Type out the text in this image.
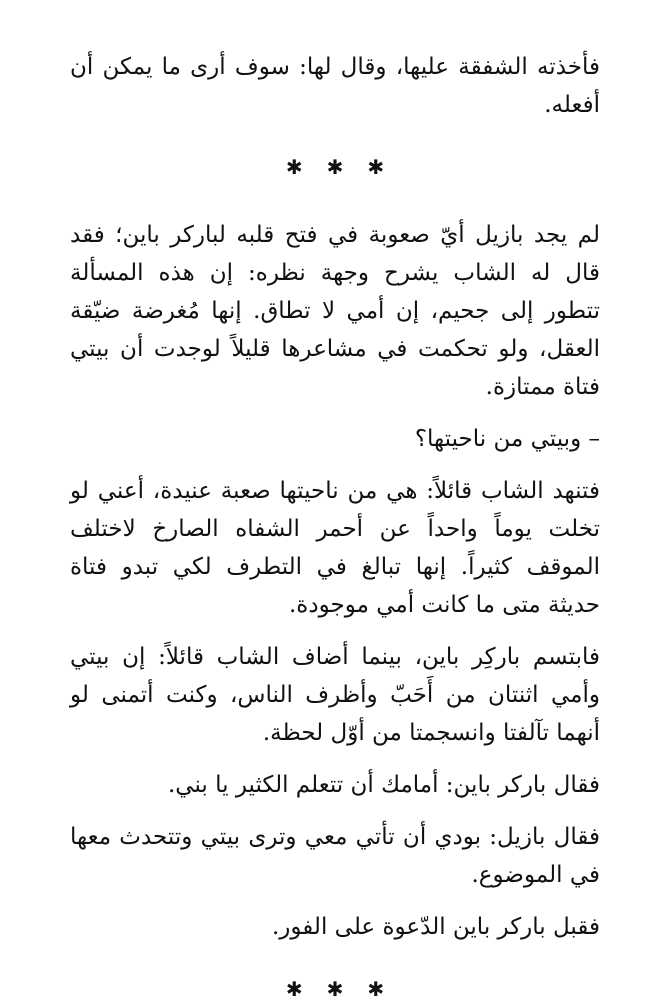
فأخذته الشفقة عليها، وقال لها: سوف أرى ما يمكن أن أفعله.

✱✱✱

لم يجد بازيل أيّ صعوبة في فتح قلبه لباركر باين؛ فقد قال له الشاب يشرح وجهة نظره: إن هذه المسألة تتطور إلى جحيم، إن أمي لا تطاق. إنها مُغرضة ضيّقة العقل، ولو تحكمت في مشاعرها قليلاً لوجدت أن بيتي فتاة ممتازة.

– وبيتي من ناحيتها؟

فتنهد الشاب قائلاً: هي من ناحيتها صعبة عنيدة، أعني لو تخلت يوماً واحداً عن أحمر الشفاه الصارخ لاختلف الموقف كثيراً. إنها تبالغ في التطرف لكي تبدو فتاة حديثة متى ما كانت أمي موجودة.

فابتسم باركِر باين، بينما أضاف الشاب قائلاً: إن بيتي وأمي اثنتان من أَحَبّ وأظرف الناس، وكنت أتمنى لو أنهما تآلفتا وانسجمتا من أوّل لحظة.

فقال باركر باين: أمامك أن تتعلم الكثير يا بني.

فقال بازيل: بودي أن تأتي معي وترى بيتي وتتحدث معها في الموضوع.

فقبل باركر باين الدّعوة على الفور.

✱✱✱
